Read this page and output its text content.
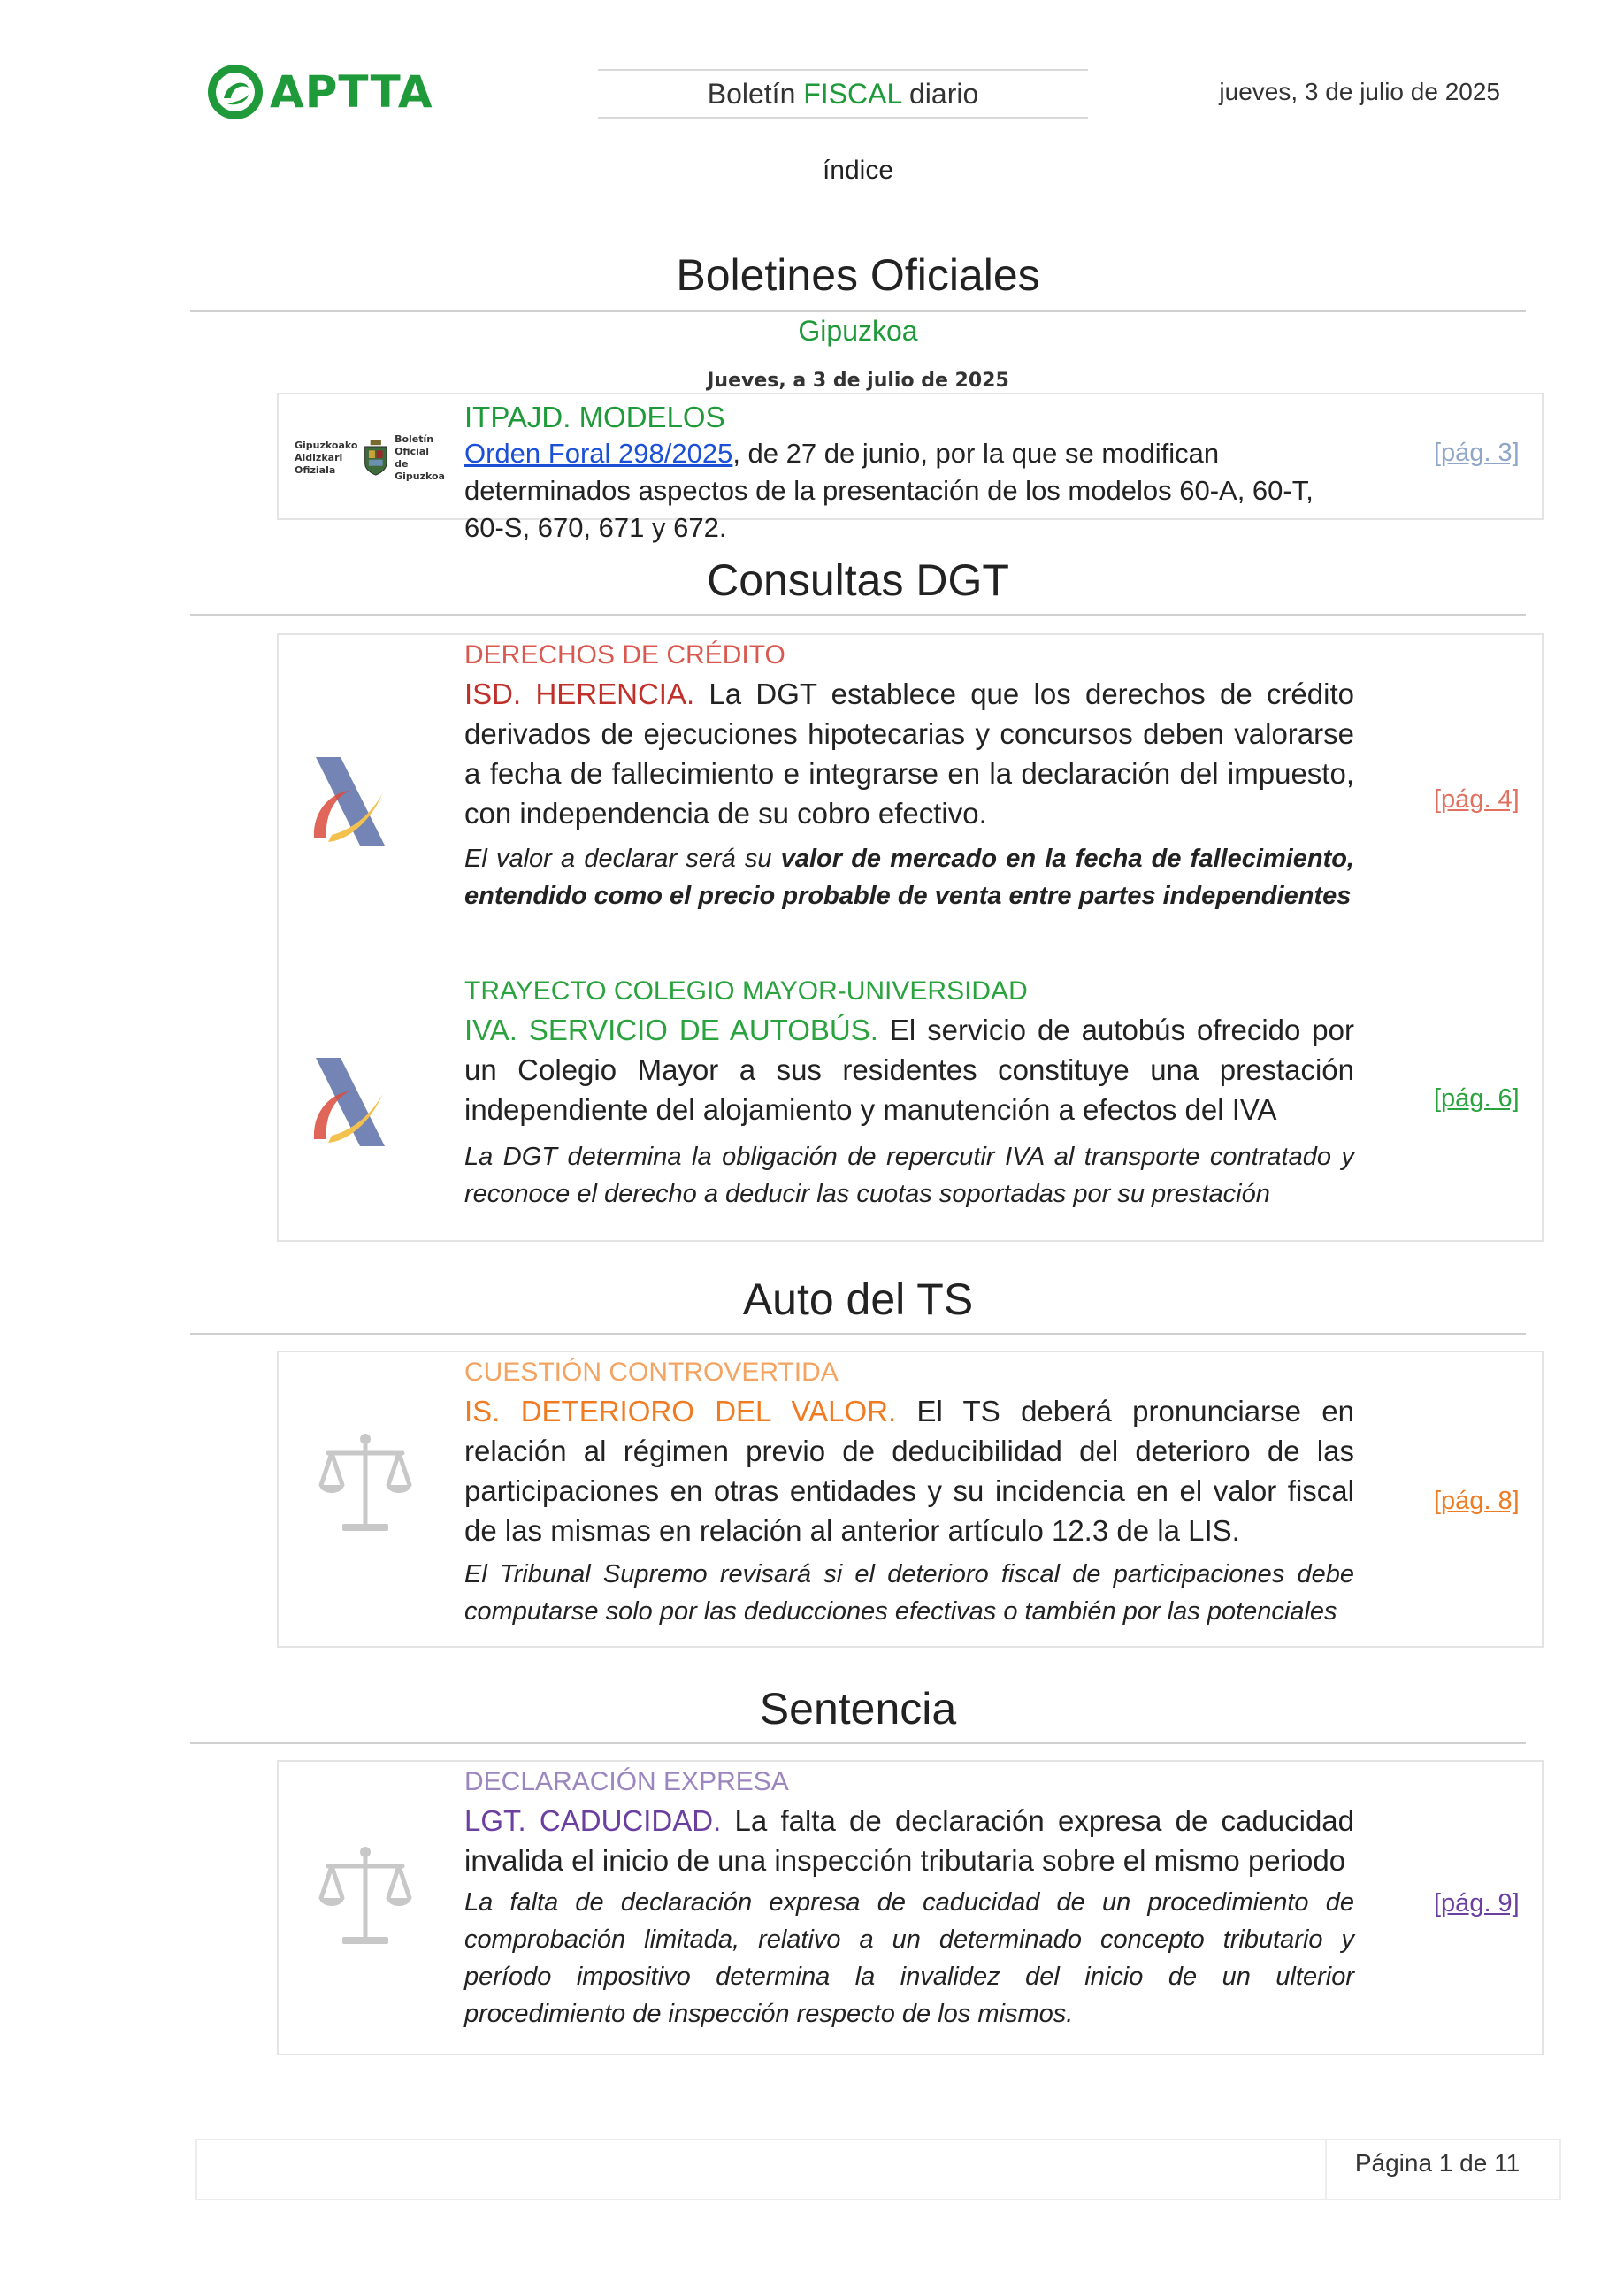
APTTA	Boletín FISCAL diario	jueves, 3 de julio de 2025
índice
Boletines Oficiales
Gipuzkoa
Jueves, a 3 de julio de 2025
Gipuzkoako
Aldizkari
Ofiziala
Boletín
Oficial de
Gipuzkoa
ITPAJD. MODELOS
Orden Foral 298/2025, de 27 de junio, por la que se modifican determinados aspectos de la presentación de los modelos 60-A, 60-T, 60-S, 670, 671 y 672.
[pág. 3]
Consultas DGT
DERECHOS DE CRÉDITO
ISD. HERENCIA. La DGT establece que los derechos de crédito derivados de ejecuciones hipotecarias y concursos deben valorarse a fecha de fallecimiento e integrarse en la declaración del impuesto, con independencia de su cobro efectivo.
El valor a declarar será su valor de mercado en la fecha de fallecimiento, entendido como el precio probable de venta entre partes independientes
[pág. 4]
TRAYECTO COLEGIO MAYOR-UNIVERSIDAD
IVA. SERVICIO DE AUTOBÚS. El servicio de autobús ofrecido por un Colegio Mayor a sus residentes constituye una prestación independiente del alojamiento y manutención a efectos del IVA
La DGT determina la obligación de repercutir IVA al transporte contratado y reconoce el derecho a deducir las cuotas soportadas por su prestación
[pág. 6]
Auto del TS
CUESTIÓN CONTROVERTIDA
IS. DETERIORO DEL VALOR. El TS deberá pronunciarse en relación al régimen previo de deducibilidad del deterioro de las participaciones en otras entidades y su incidencia en el valor fiscal de las mismas en relación al anterior artículo 12.3 de la LIS.
El Tribunal Supremo revisará si el deterioro fiscal de participaciones debe computarse solo por las deducciones efectivas o también por las potenciales
[pág. 8]
Sentencia
DECLARACIÓN EXPRESA
LGT. CADUCIDAD. La falta de declaración expresa de caducidad invalida el inicio de una inspección tributaria sobre el mismo periodo
La falta de declaración expresa de caducidad de un procedimiento de comprobación limitada, relativo a un determinado concepto tributario y período impositivo determina la invalidez del inicio de un ulterior procedimiento de inspección respecto de los mismos.
[pág. 9]
Página 1 de 11
